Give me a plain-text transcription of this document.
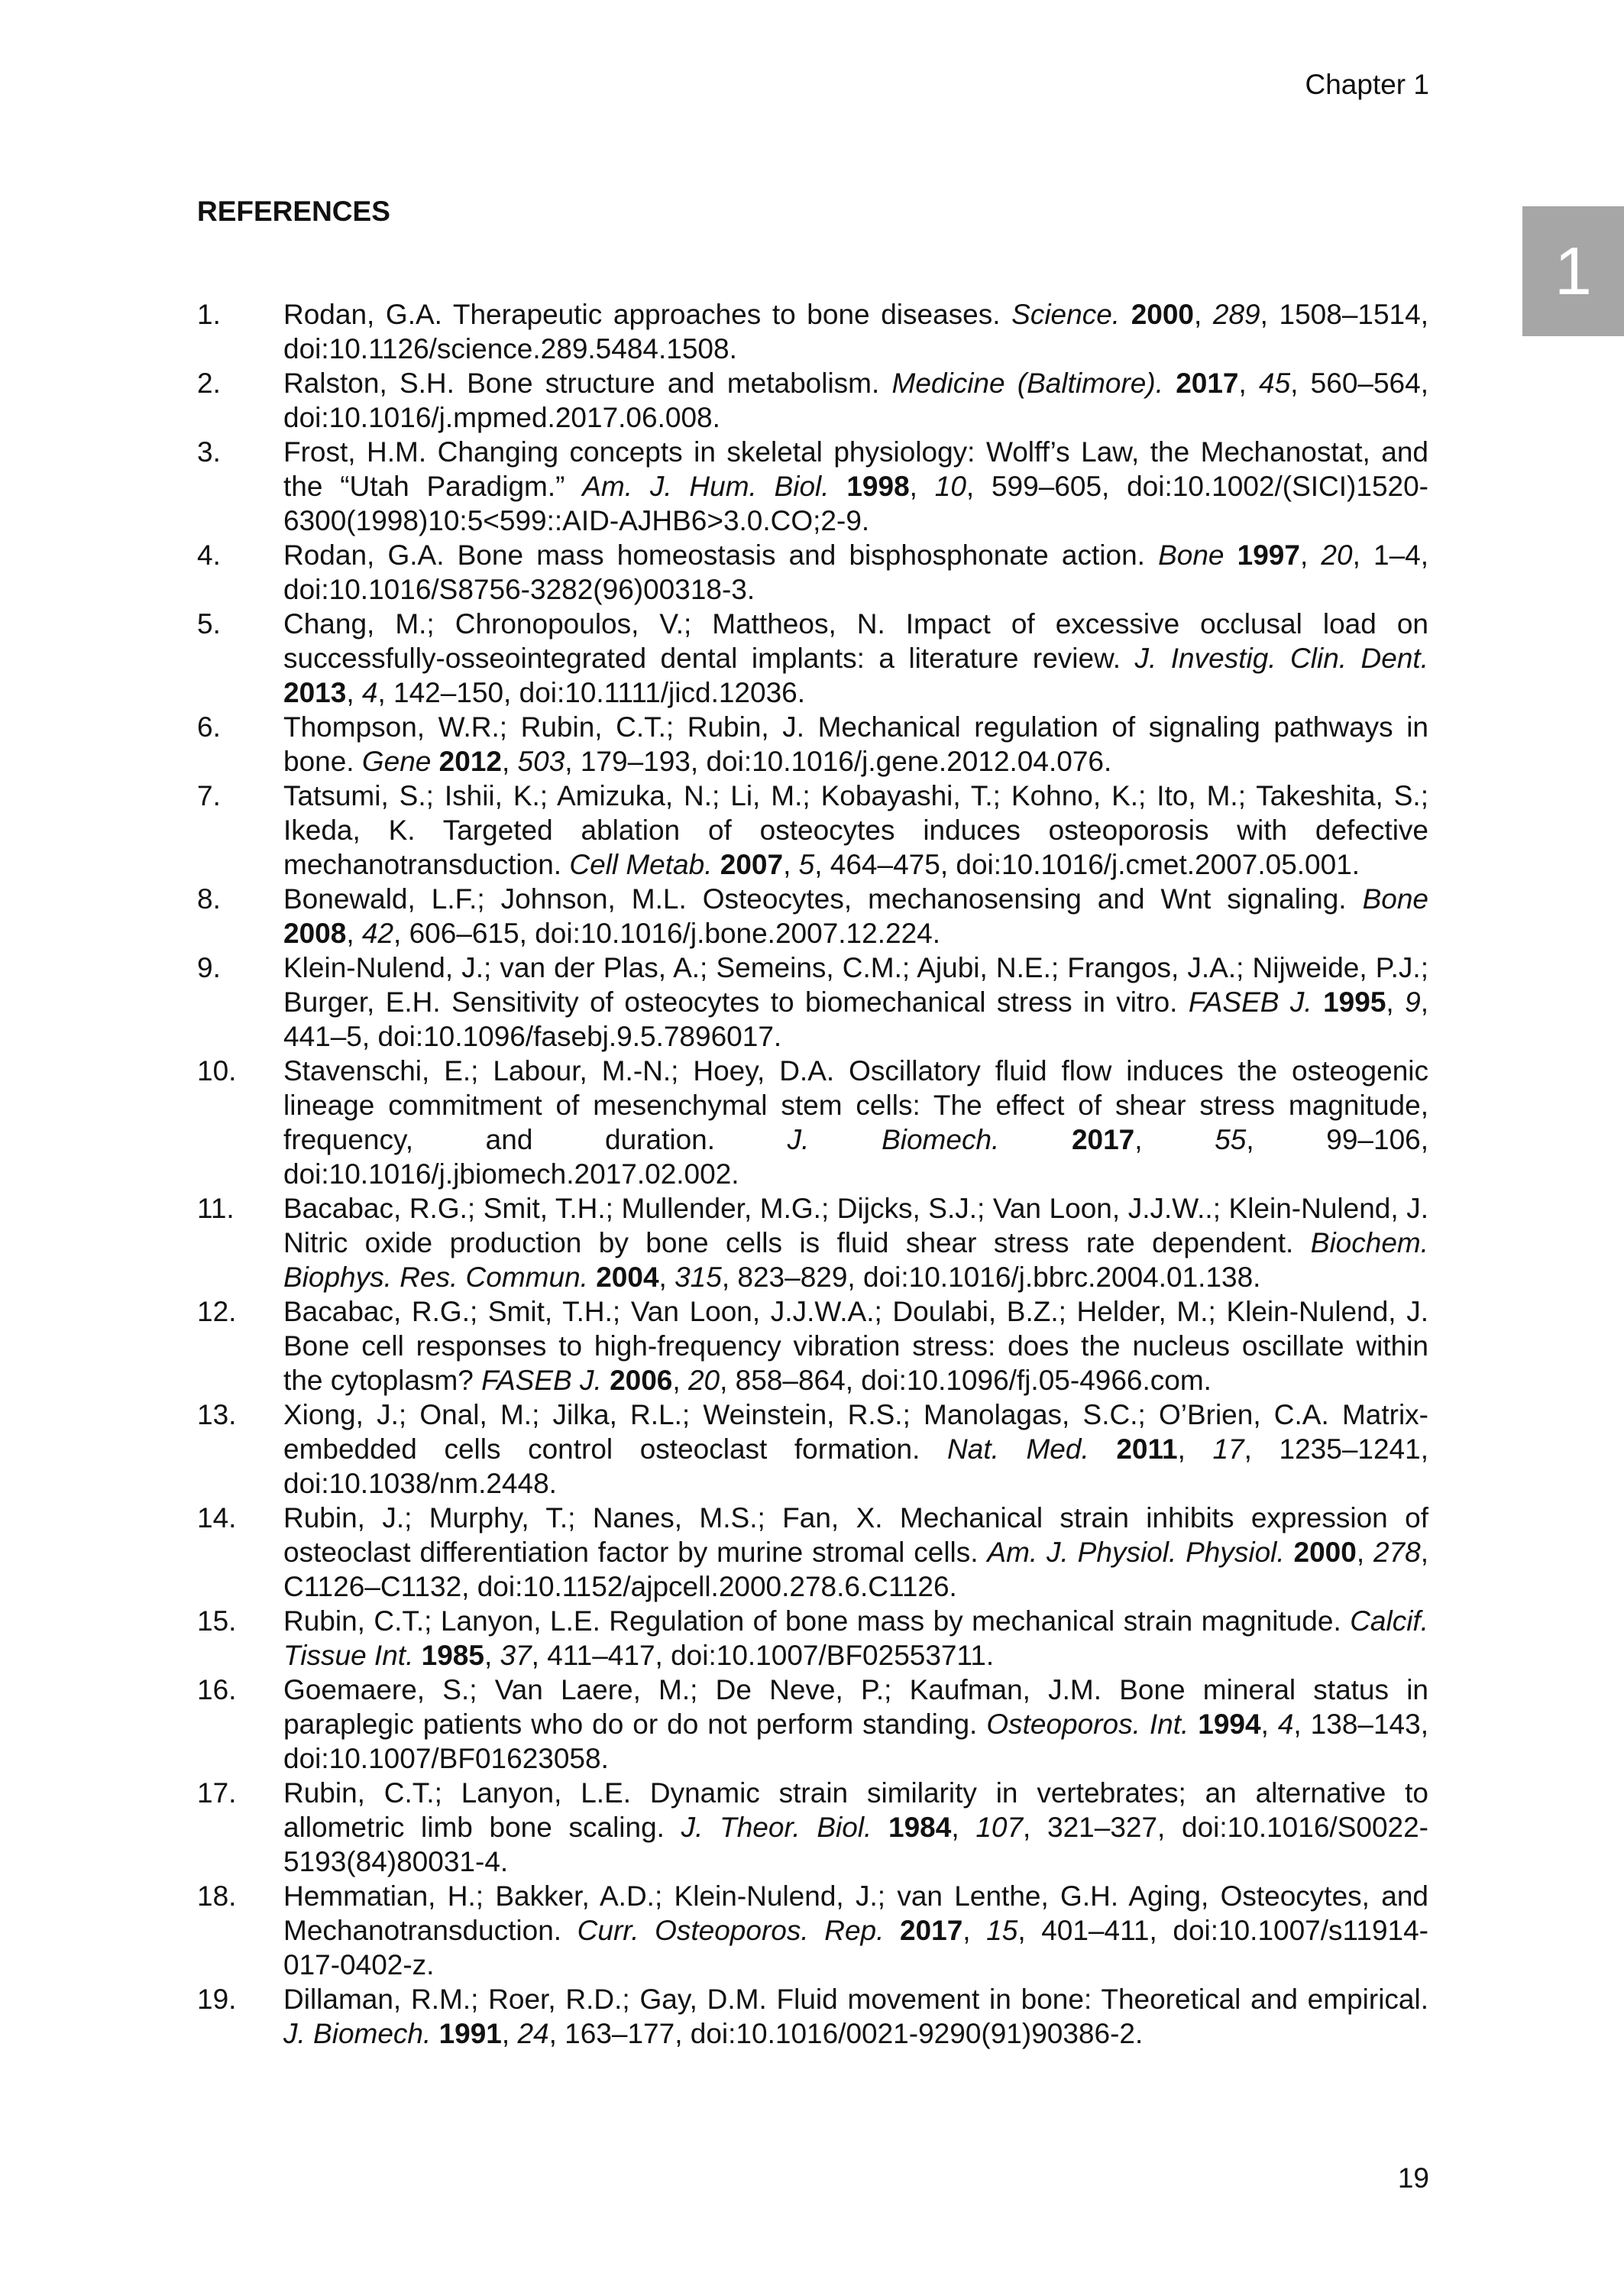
Chapter 1
1
REFERENCES
1.	Rodan, G.A. Therapeutic approaches to bone diseases. Science. 2000, 289, 1508–1514, doi:10.1126/science.289.5484.1508.
2.	Ralston, S.H. Bone structure and metabolism. Medicine (Baltimore). 2017, 45, 560–564, doi:10.1016/j.mpmed.2017.06.008.
3.	Frost, H.M. Changing concepts in skeletal physiology: Wolff’s Law, the Mechanostat, and the “Utah Paradigm.” Am. J. Hum. Biol. 1998, 10, 599–605, doi:10.1002/(SICI)1520-6300(1998)10:5<599::AID-AJHB6>3.0.CO;2-9.
4.	Rodan, G.A. Bone mass homeostasis and bisphosphonate action. Bone 1997, 20, 1–4, doi:10.1016/S8756-3282(96)00318-3.
5.	Chang, M.; Chronopoulos, V.; Mattheos, N. Impact of excessive occlusal load on successfully-osseointegrated dental implants: a literature review. J. Investig. Clin. Dent. 2013, 4, 142–150, doi:10.1111/jicd.12036.
6.	Thompson, W.R.; Rubin, C.T.; Rubin, J. Mechanical regulation of signaling pathways in bone. Gene 2012, 503, 179–193, doi:10.1016/j.gene.2012.04.076.
7.	Tatsumi, S.; Ishii, K.; Amizuka, N.; Li, M.; Kobayashi, T.; Kohno, K.; Ito, M.; Takeshita, S.; Ikeda, K. Targeted ablation of osteocytes induces osteoporosis with defective mechanotransduction. Cell Metab. 2007, 5, 464–475, doi:10.1016/j.cmet.2007.05.001.
8.	Bonewald, L.F.; Johnson, M.L. Osteocytes, mechanosensing and Wnt signaling. Bone 2008, 42, 606–615, doi:10.1016/j.bone.2007.12.224.
9.	Klein-Nulend, J.; van der Plas, A.; Semeins, C.M.; Ajubi, N.E.; Frangos, J.A.; Nijweide, P.J.; Burger, E.H. Sensitivity of osteocytes to biomechanical stress in vitro. FASEB J. 1995, 9, 441–5, doi:10.1096/fasebj.9.5.7896017.
10.	Stavenschi, E.; Labour, M.-N.; Hoey, D.A. Oscillatory fluid flow induces the osteogenic lineage commitment of mesenchymal stem cells: The effect of shear stress magnitude, frequency, and duration. J. Biomech.	2017, 55, 99–106, doi:10.1016/j.jbiomech.2017.02.002.
11.	Bacabac, R.G.; Smit, T.H.; Mullender, M.G.; Dijcks, S.J.; Van Loon, J.J.W..; Klein-Nulend, J. Nitric oxide production by bone cells is fluid shear stress rate dependent. Biochem. Biophys. Res. Commun. 2004, 315, 823–829, doi:10.1016/j.bbrc.2004.01.138.
12.	Bacabac, R.G.; Smit, T.H.; Van Loon, J.J.W.A.; Doulabi, B.Z.; Helder, M.; Klein-Nulend, J. Bone cell responses to high-frequency vibration stress: does the nucleus oscillate within the cytoplasm? FASEB J. 2006, 20, 858–864, doi:10.1096/fj.05-4966.com.
13.	Xiong, J.; Onal, M.; Jilka, R.L.; Weinstein, R.S.; Manolagas, S.C.; O’Brien, C.A. Matrix-embedded cells control osteoclast formation. Nat. Med. 2011, 17, 1235–1241, doi:10.1038/nm.2448.
14.	Rubin, J.; Murphy, T.; Nanes, M.S.; Fan, X. Mechanical strain inhibits expression of osteoclast differentiation factor by murine stromal cells. Am. J. Physiol. Physiol. 2000, 278, C1126–C1132, doi:10.1152/ajpcell.2000.278.6.C1126.
15.	Rubin, C.T.; Lanyon, L.E. Regulation of bone mass by mechanical strain magnitude. Calcif. Tissue Int. 1985, 37, 411–417, doi:10.1007/BF02553711.
16.	Goemaere, S.; Van Laere, M.; De Neve, P.; Kaufman, J.M. Bone mineral status in paraplegic patients who do or do not perform standing. Osteoporos. Int. 1994, 4, 138–143, doi:10.1007/BF01623058.
17.	Rubin, C.T.; Lanyon, L.E. Dynamic strain similarity in vertebrates; an alternative to allometric limb bone scaling. J. Theor. Biol. 1984, 107, 321–327, doi:10.1016/S0022-5193(84)80031-4.
18.	Hemmatian, H.; Bakker, A.D.; Klein-Nulend, J.; van Lenthe, G.H. Aging, Osteocytes, and Mechanotransduction. Curr. Osteoporos. Rep. 2017, 15, 401–411, doi:10.1007/s11914-017-0402-z.
19.	Dillaman, R.M.; Roer, R.D.; Gay, D.M. Fluid movement in bone: Theoretical and empirical. J. Biomech. 1991, 24, 163–177, doi:10.1016/0021-9290(91)90386-2.
19
